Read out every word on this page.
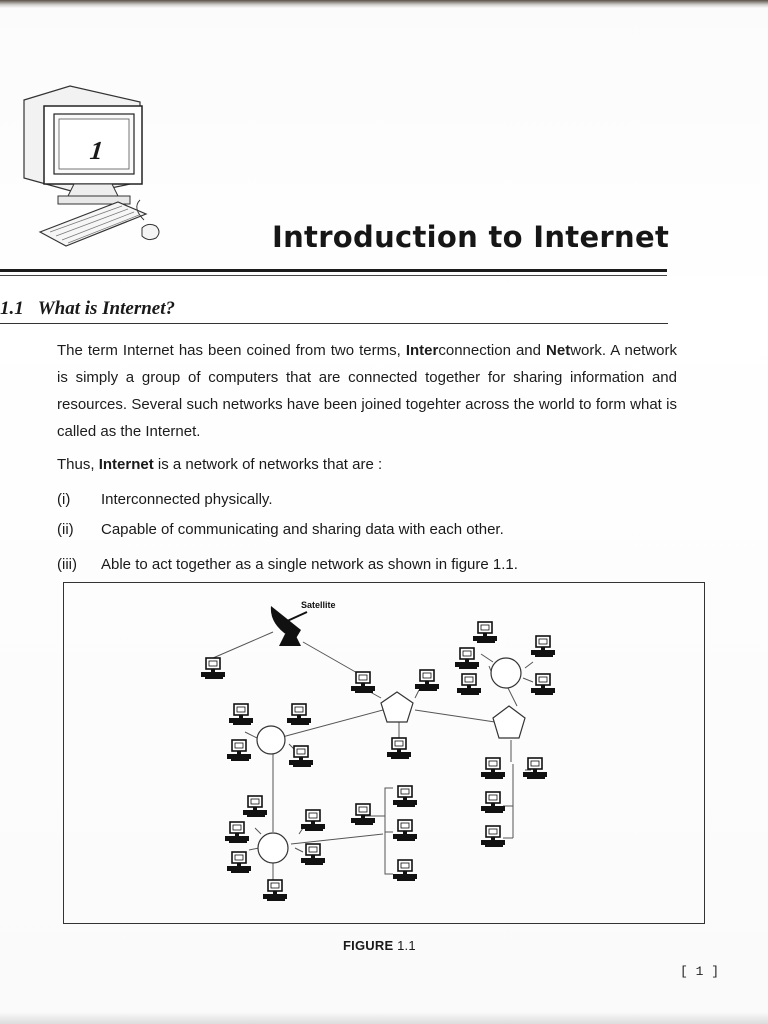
1
Introduction to Internet
1.1 What is Internet?

The term Internet has been coined from two terms, Interconnection and Network. A network is simply a group of computers that are connected together for sharing information and resources. Several such networks have been joined togehter across the world to form what is called as the Internet.

Thus, Internet is a network of networks that are :

(i) Interconnected physically.
(ii) Capable of communicating and sharing data with each other.
(iii) Able to act together as a single network as shown in figure 1.1.
Satellite
FIGURE 1.1
[ 1 ]
